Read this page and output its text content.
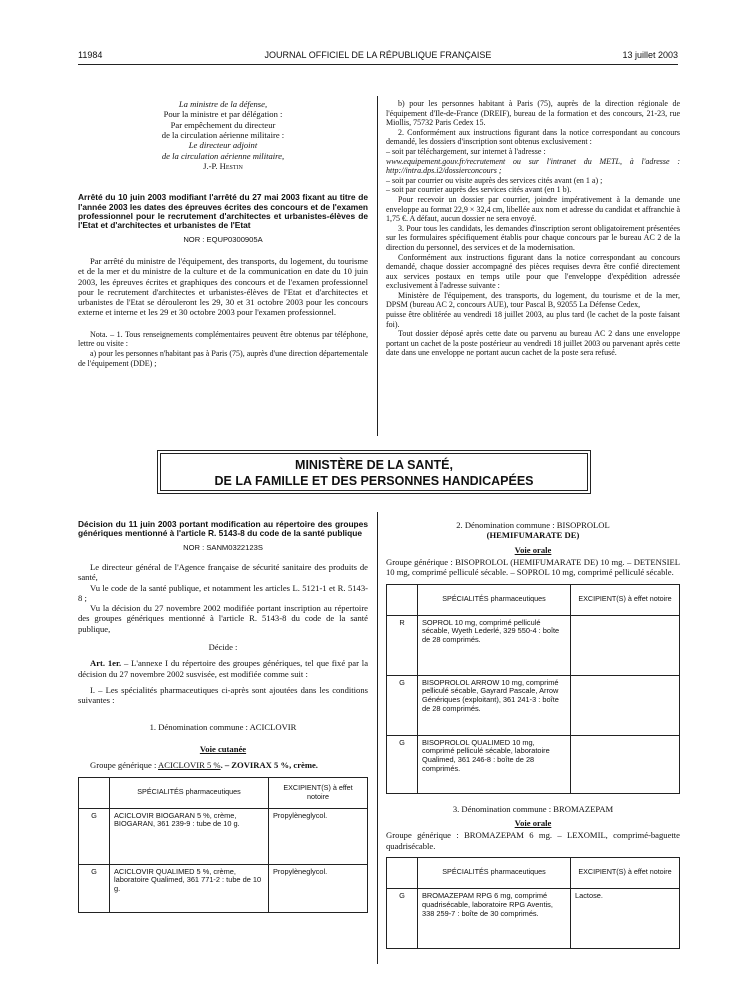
11984	JOURNAL OFFICIEL DE LA RÉPUBLIQUE FRANÇAISE	13 juillet 2003

La ministre de la défense,

Pour la ministre et par délégation :

Par empêchement du directeur

de la circulation aérienne militaire :

Le directeur adjoint

de la circulation aérienne militaire,

J.-P. Hestin

Arrêté du 10 juin 2003 modifiant l'arrêté du 27 mai 2003 fixant au titre de l'année 2003 les dates des épreuves écrites des concours et de l'examen professionnel pour le recrutement d'architectes et urbanistes-élèves de l'Etat et d'architectes et urbanistes de l'Etat

NOR : EQUP0300905A

Par arrêté du ministre de l'équipement, des transports, du logement, du tourisme et de la mer et du ministre de la culture et de la communication en date du 10 juin 2003, les épreuves écrites et graphiques des concours et de l'examen professionnel pour le recrutement d'architectes et urbanistes-élèves de l'Etat et d'architectes et urbanistes de l'Etat se dérouleront les 29, 30 et 31 octobre 2003 pour les concours externe et interne et les 29 et 30 octobre 2003 pour l'examen professionnel.

Nota. – 1. Tous renseignements complémentaires peuvent être obtenus par téléphone, lettre ou visite :

a) pour les personnes n'habitant pas à Paris (75), auprès d'une direction départementale de l'équipement (DDE) ;

b) pour les personnes habitant à Paris (75), auprès de la direction régionale de l'équipement d'Ile-de-France (DREIF), bureau de la formation et des concours, 21-23, rue Miollis, 75732 Paris Cedex 15.

2. Conformément aux instructions figurant dans la notice correspondant au concours demandé, les dossiers d'inscription sont obtenus exclusivement :

– soit par téléchargement, sur internet à l'adresse :

www.equipement.gouv.fr/recrutement ou sur l'intranet du METL, à l'adresse : http://intra.dps.i2/dossierconcours ;

– soit par courrier ou visite auprès des services cités avant (en 1 a) ;

– soit par courrier auprès des services cités avant (en 1 b).

Pour recevoir un dossier par courrier, joindre impérativement à la demande une enveloppe au format 22,9 × 32,4 cm, libellée aux nom et adresse du candidat et affranchie à 1,75 €. A défaut, aucun dossier ne sera envoyé.

3. Pour tous les candidats, les demandes d'inscription seront obligatoirement présentées sur les formulaires spécifiquement établis pour chaque concours par le bureau AC 2 de la direction du personnel, des services et de la modernisation.

Conformément aux instructions figurant dans la notice correspondant au concours demandé, chaque dossier accompagné des pièces requises devra être confié directement aux services postaux en temps utile pour que l'enveloppe d'expédition adressée exclusivement à l'adresse suivante :

Ministère de l'équipement, des transports, du logement, du tourisme et de la mer, DPSM (bureau AC 2, concours AUE), tour Pascal B, 92055 La Défense Cedex,

puisse être oblitérée au vendredi 18 juillet 2003, au plus tard (le cachet de la poste faisant foi).

Tout dossier déposé après cette date ou parvenu au bureau AC 2 dans une enveloppe portant un cachet de la poste postérieur au vendredi 18 juillet 2003 ou parvenant après cette date dans une enveloppe ne portant aucun cachet de la poste sera refusé.

MINISTÈRE DE LA SANTÉ,
DE LA FAMILLE ET DES PERSONNES HANDICAPÉES

Décision du 11 juin 2003 portant modification au répertoire des groupes génériques mentionné à l'article R. 5143-8 du code de la santé publique

NOR : SANM0322123S

Le directeur général de l'Agence française de sécurité sanitaire des produits de santé,

Vu le code de la santé publique, et notamment les articles L. 5121-1 et R. 5143-8 ;

Vu la décision du 27 novembre 2002 modifiée portant inscription au répertoire des groupes génériques mentionné à l'article R. 5143-8 du code de la santé publique,

Décide :

Art. 1er. – L'annexe I du répertoire des groupes génériques, tel que fixé par la décision du 27 novembre 2002 susvisée, est modifiée comme suit :

I. – Les spécialités pharmaceutiques ci-après sont ajoutées dans les conditions suivantes :

1. Dénomination commune : ACICLOVIR

Voie cutanée

Groupe générique : ACICLOVIR 5 %. – ZOVIRAX 5 %, crème.

	SPÉCIALITÉS pharmaceutiques	EXCIPIENT(S) à effet notoire
G	ACICLOVIR BIOGARAN 5 %, crème, BIOGARAN, 361 239-9 : tube de 10 g.	Propylèneglycol.
G	ACICLOVIR QUALIMED 5 %, crème, laboratoire Qualimed, 361 771-2 : tube de 10 g.	Propylèneglycol.

2. Dénomination commune : BISOPROLOL

(HEMIFUMARATE DE)

Voie orale

Groupe générique : BISOPROLOL (HEMIFUMARATE DE) 10 mg. – DETENSIEL 10 mg, comprimé pelliculé sécable. – SOPROL 10 mg, comprimé pelliculé sécable.

	SPÉCIALITÉS pharmaceutiques	EXCIPIENT(S) à effet notoire
R	SOPROL 10 mg, comprimé pelliculé sécable, Wyeth Lederlé, 329 550-4 : boîte de 28 comprimés.	
G	BISOPROLOL ARROW 10 mg, comprimé pelliculé sécable, Gayrard Pascale, Arrow Génériques (exploitant), 361 241-3 : boîte de 28 comprimés.	
G	BISOPROLOL QUALIMED 10 mg, comprimé pelliculé sécable, laboratoire Qualimed, 361 246-8 : boîte de 28 comprimés.	

3. Dénomination commune : BROMAZEPAM

Voie orale

Groupe générique : BROMAZEPAM 6 mg. – LEXOMIL, comprimé-baguette quadrisécable.

	SPÉCIALITÉS pharmaceutiques	EXCIPIENT(S) à effet notoire
G	BROMAZEPAM RPG 6 mg, comprimé quadrisécable, laboratoire RPG Aventis, 338 259-7 : boîte de 30 comprimés.	Lactose.
